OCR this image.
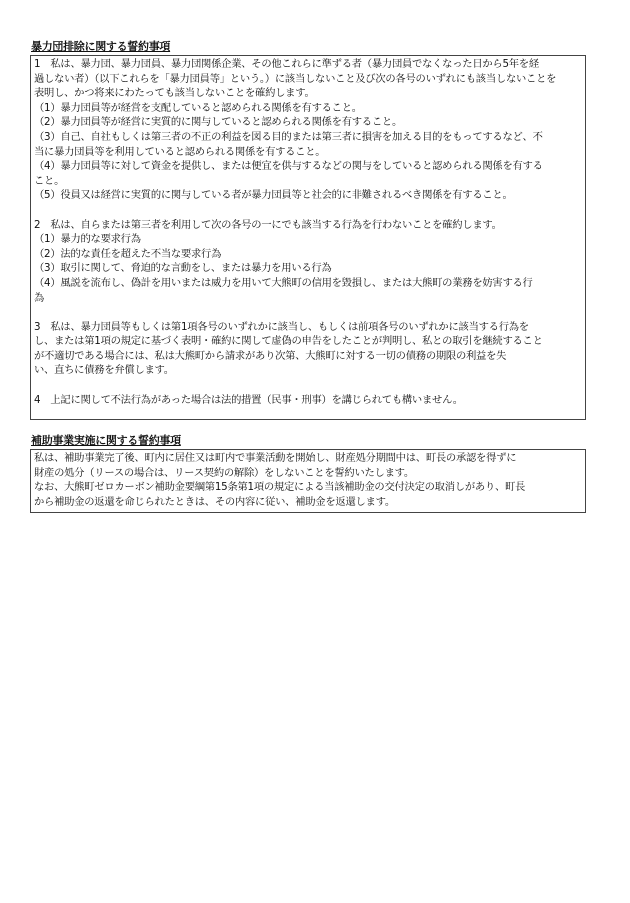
暴力団排除に関する誓約事項
1　私は、暴力団、暴力団員、暴力団関係企業、その他これらに準ずる者（暴力団員でなくなった日から5年を経
過しない者）（以下これらを「暴力団員等」という。）に該当しないこと及び次の各号のいずれにも該当しないことを
表明し、かつ将来にわたっても該当しないことを確約します。
（1）暴力団員等が経営を支配していると認められる関係を有すること。
（2）暴力団員等が経営に実質的に関与していると認められる関係を有すること。
（3）自己、自社もしくは第三者の不正の利益を図る目的または第三者に損害を加える目的をもってするなど、不
当に暴力団員等を利用していると認められる関係を有すること。
（4）暴力団員等に対して資金を提供し、または便宜を供与するなどの関与をしていると認められる関係を有する
こと。
（5）役員又は経営に実質的に関与している者が暴力団員等と社会的に非難されるべき関係を有すること。
2　私は、自らまたは第三者を利用して次の各号の一にでも該当する行為を行わないことを確約します。
（1）暴力的な要求行為
（2）法的な責任を超えた不当な要求行為
（3）取引に関して、脅迫的な言動をし、または暴力を用いる行為
（4）風説を流布し、偽計を用いまたは威力を用いて大熊町の信用を毀損し、または大熊町の業務を妨害する行
為
3　私は、暴力団員等もしくは第1項各号のいずれかに該当し、もしくは前項各号のいずれかに該当する行為を
し、または第1項の規定に基づく表明・確約に関して虚偽の申告をしたことが判明し、私との取引を継続すること
が不適切である場合には、私は大熊町から請求があり次第、大熊町に対する一切の債務の期限の利益を失
い、直ちに債務を弁償します。
4　上記に関して不法行為があった場合は法的措置（民事・刑事）を講じられても構いません。
補助事業実施に関する誓約事項
私は、補助事業完了後、町内に居住又は町内で事業活動を開始し、財産処分期間中は、町長の承認を得ずに
財産の処分（リースの場合は、リース契約の解除）をしないことを誓約いたします。
なお、大熊町ゼロカーボン補助金要綱第15条第1項の規定による当該補助金の交付決定の取消しがあり、町長
から補助金の返還を命じられたときは、その内容に従い、補助金を返還します。
